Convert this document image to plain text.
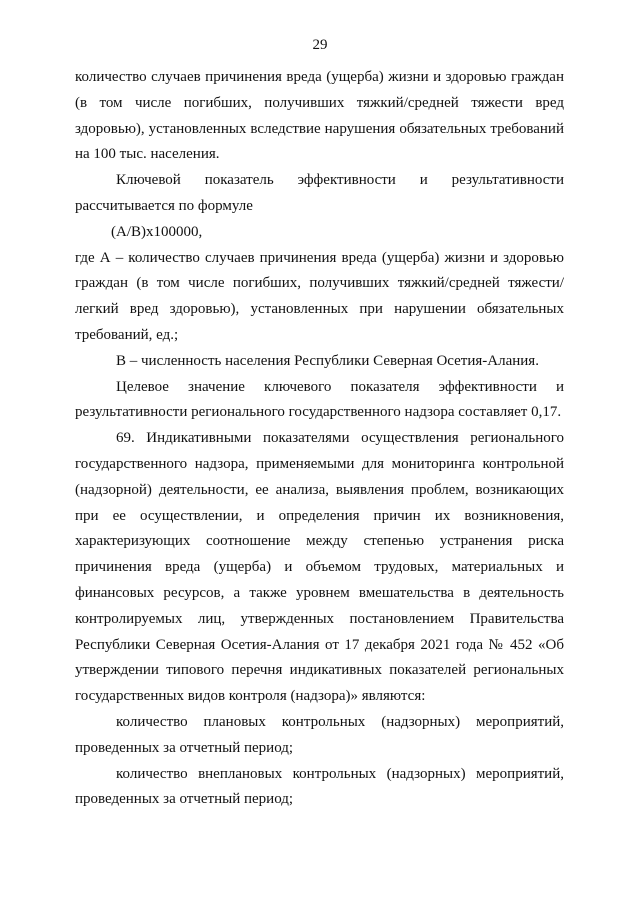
29

количество случаев причинения вреда (ущерба) жизни и здоровью граждан (в том числе погибших, получивших тяжкий/средней тяжести вред здоровью), установленных вследствие нарушения обязательных требований на 100 тыс. населения.

Ключевой показатель эффективности и результативности рассчитывается по формуле

(A/B)x100000,

где А – количество случаев причинения вреда (ущерба) жизни и здоровью граждан (в том числе погибших, получивших тяжкий/средней тяжести/легкий вред здоровью), установленных при нарушении обязательных требований, ед.;

В – численность населения Республики Северная Осетия-Алания.

Целевое значение ключевого показателя эффективности и результативности регионального государственного надзора составляет 0,17.

69. Индикативными показателями осуществления регионального государственного надзора, применяемыми для мониторинга контрольной (надзорной) деятельности, ее анализа, выявления проблем, возникающих при ее осуществлении, и определения причин их возникновения, характеризующих соотношение между степенью устранения риска причинения вреда (ущерба) и объемом трудовых, материальных и финансовых ресурсов, а также уровнем вмешательства в деятельность контролируемых лиц, утвержденных постановлением Правительства Республики Северная Осетия-Алания от 17 декабря 2021 года № 452 «Об утверждении типового перечня индикативных показателей региональных государственных видов контроля (надзора)» являются:

количество плановых контрольных (надзорных) мероприятий, проведенных за отчетный период;

количество внеплановых контрольных (надзорных) мероприятий, проведенных за отчетный период;
